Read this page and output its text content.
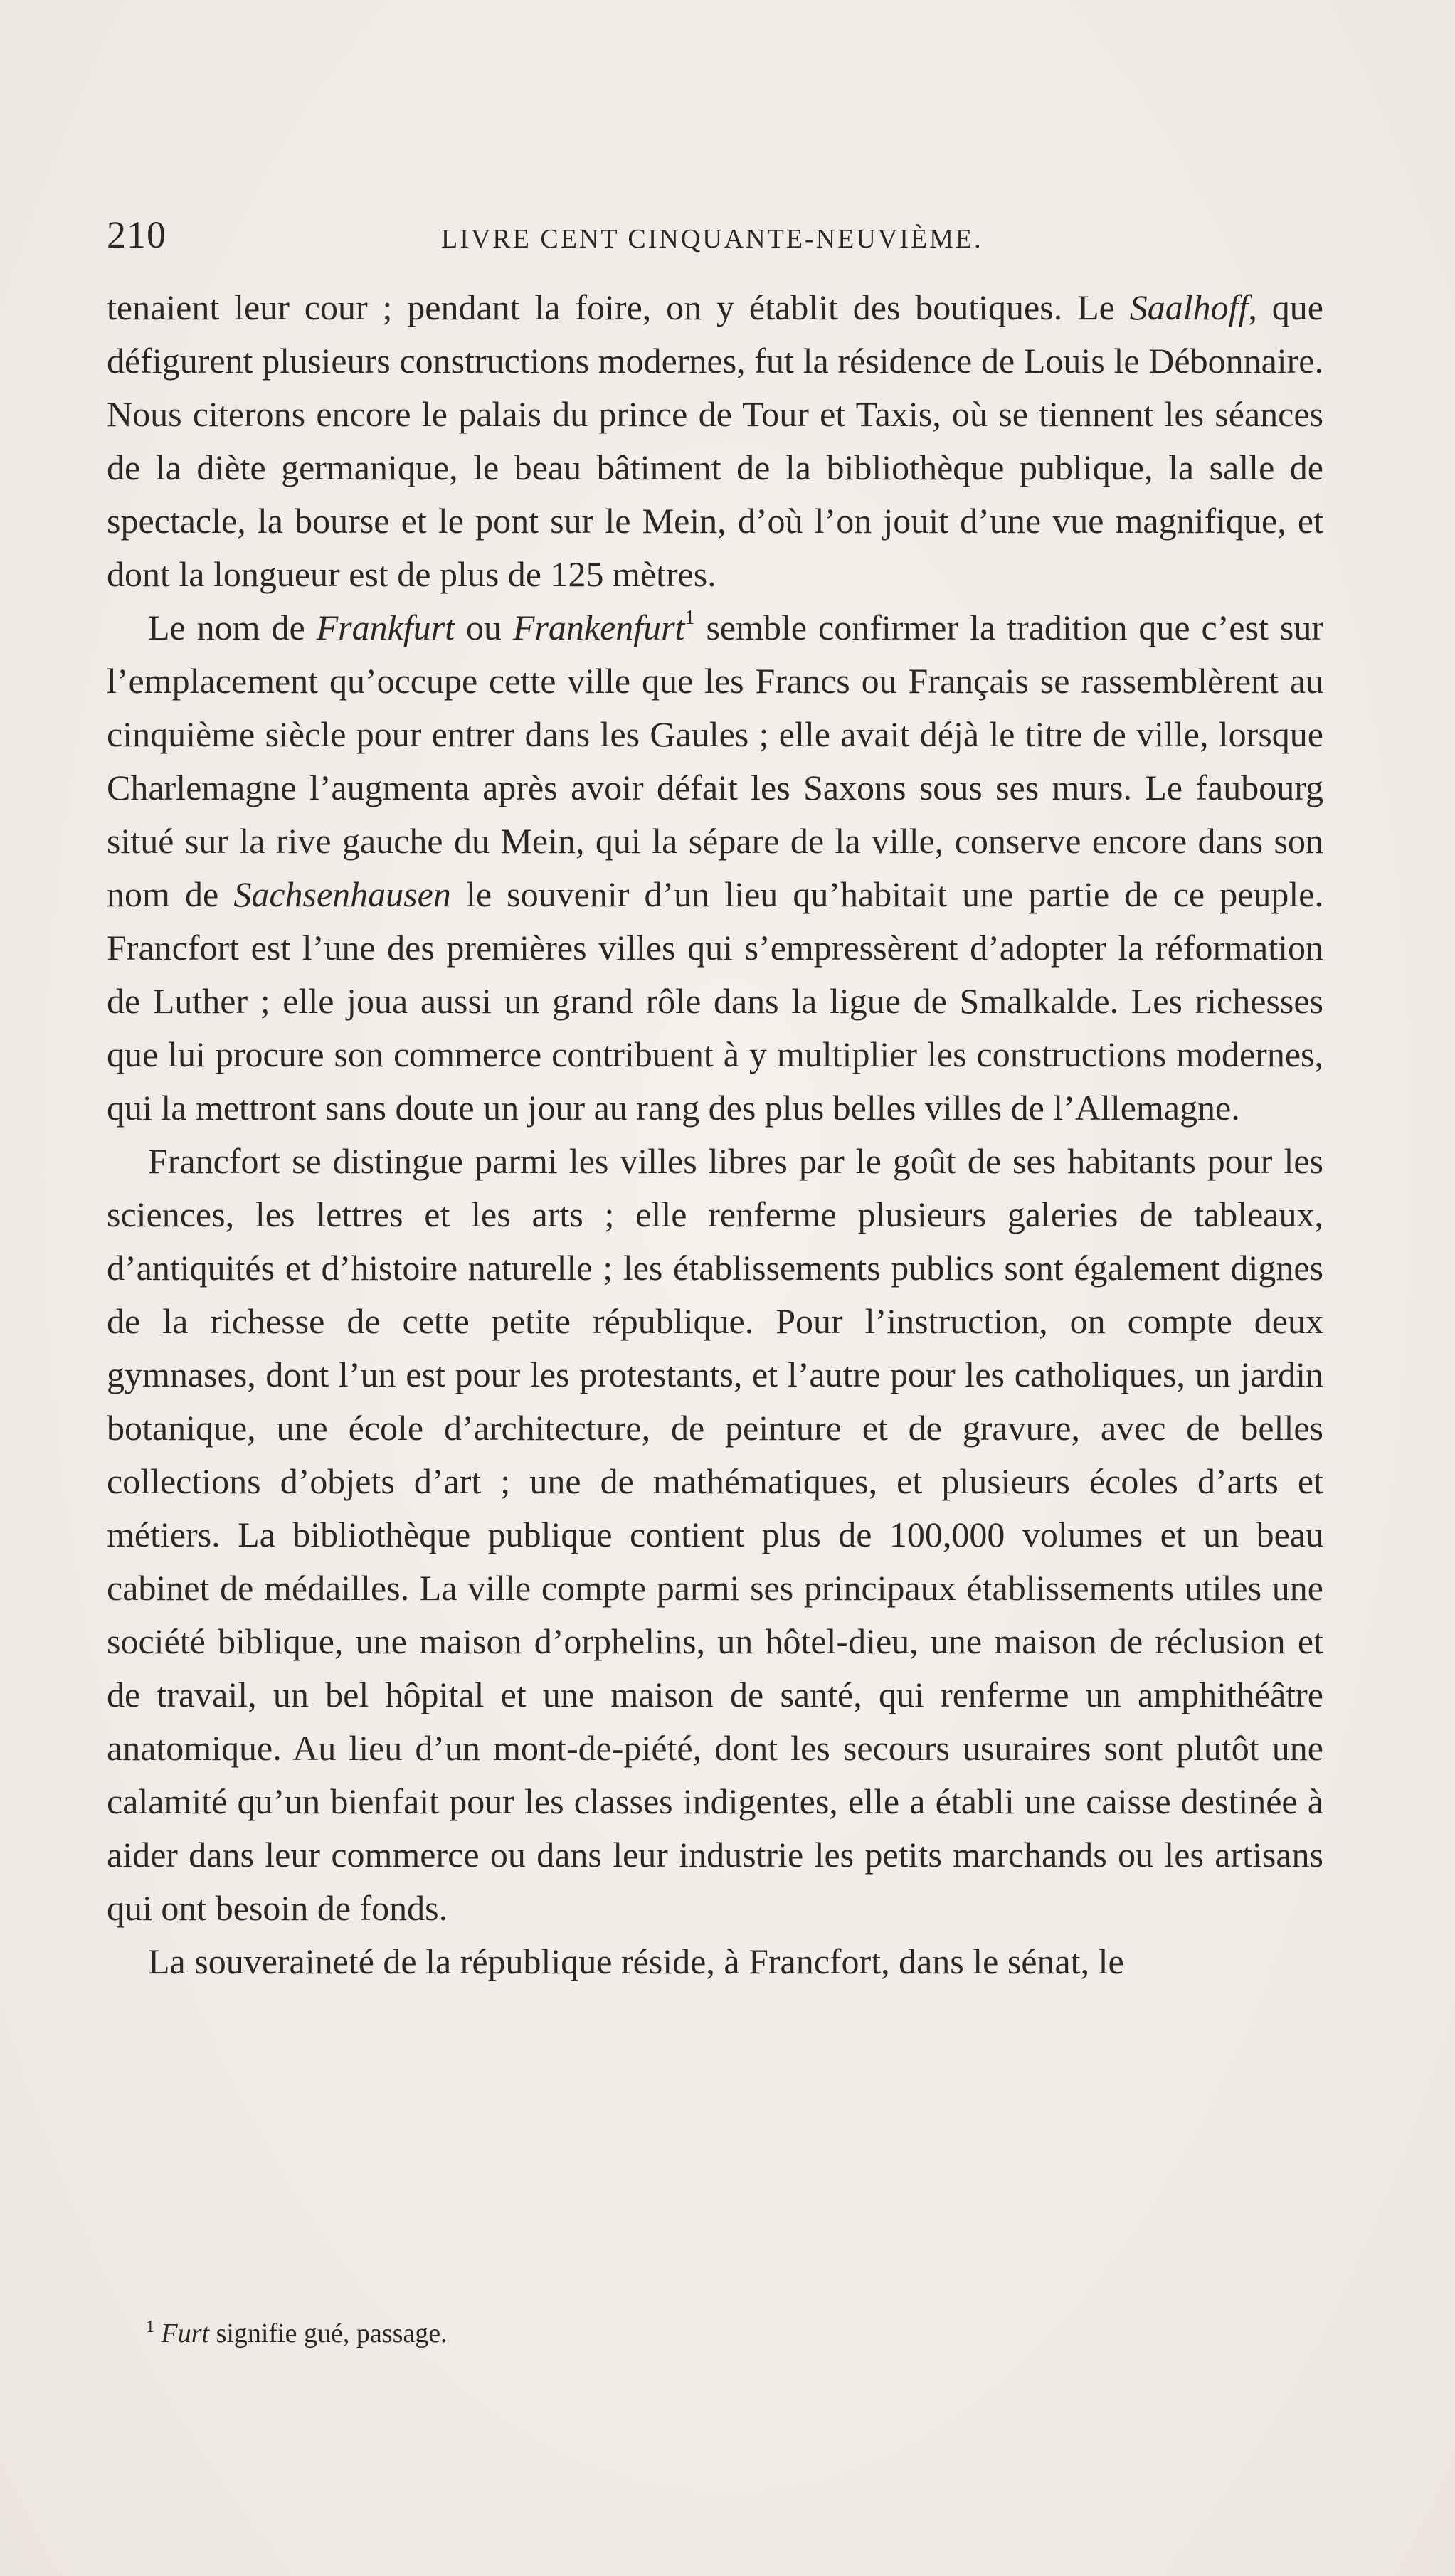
210	LIVRE CENT CINQUANTE-NEUVIÈME.

tenaient leur cour ; pendant la foire, on y établit des boutiques. Le Saalhoff, que défigurent plusieurs constructions modernes, fut la résidence de Louis le Débonnaire. Nous citerons encore le palais du prince de Tour et Taxis, où se tiennent les séances de la diète germanique, le beau bâtiment de la bibliothèque publique, la salle de spectacle, la bourse et le pont sur le Mein, d’où l’on jouit d’une vue magnifique, et dont la longueur est de plus de 125 mètres.

Le nom de Frankfurt ou Frankenfurt$^1$ semble confirmer la tradition que c’est sur l’emplacement qu’occupe cette ville que les Francs ou Français se rassemblèrent au cinquième siècle pour entrer dans les Gaules ; elle avait déjà le titre de ville, lorsque Charlemagne l’augmenta après avoir défait les Saxons sous ses murs. Le faubourg situé sur la rive gauche du Mein, qui la sépare de la ville, conserve encore dans son nom de Sachsenhausen le souvenir d’un lieu qu’habitait une partie de ce peuple. Francfort est l’une des premières villes qui s’empressèrent d’adopter la réformation de Luther ; elle joua aussi un grand rôle dans la ligue de Smalkalde. Les richesses que lui procure son commerce contribuent à y multiplier les constructions modernes, qui la mettront sans doute un jour au rang des plus belles villes de l’Allemagne.

Francfort se distingue parmi les villes libres par le goût de ses habitants pour les sciences, les lettres et les arts ; elle renferme plusieurs galeries de tableaux, d’antiquités et d’histoire naturelle ; les établissements publics sont également dignes de la richesse de cette petite république. Pour l’instruction, on compte deux gymnases, dont l’un est pour les protestants, et l’autre pour les catholiques, un jardin botanique, une école d’architecture, de peinture et de gravure, avec de belles collections d’objets d’art ; une de mathématiques, et plusieurs écoles d’arts et métiers. La bibliothèque publique contient plus de 100,000 volumes et un beau cabinet de médailles. La ville compte parmi ses principaux établissements utiles une société biblique, une maison d’orphelins, un hôtel-dieu, une maison de réclusion et de travail, un bel hôpital et une maison de santé, qui renferme un amphithéâtre anatomique. Au lieu d’un mont-de-piété, dont les secours usuraires sont plutôt une calamité qu’un bienfait pour les classes indigentes, elle a établi une caisse destinée à aider dans leur commerce ou dans leur industrie les petits marchands ou les artisans qui ont besoin de fonds.

La souveraineté de la république réside, à Francfort, dans le sénat, le

$^1$ Furt signifie gué, passage.
